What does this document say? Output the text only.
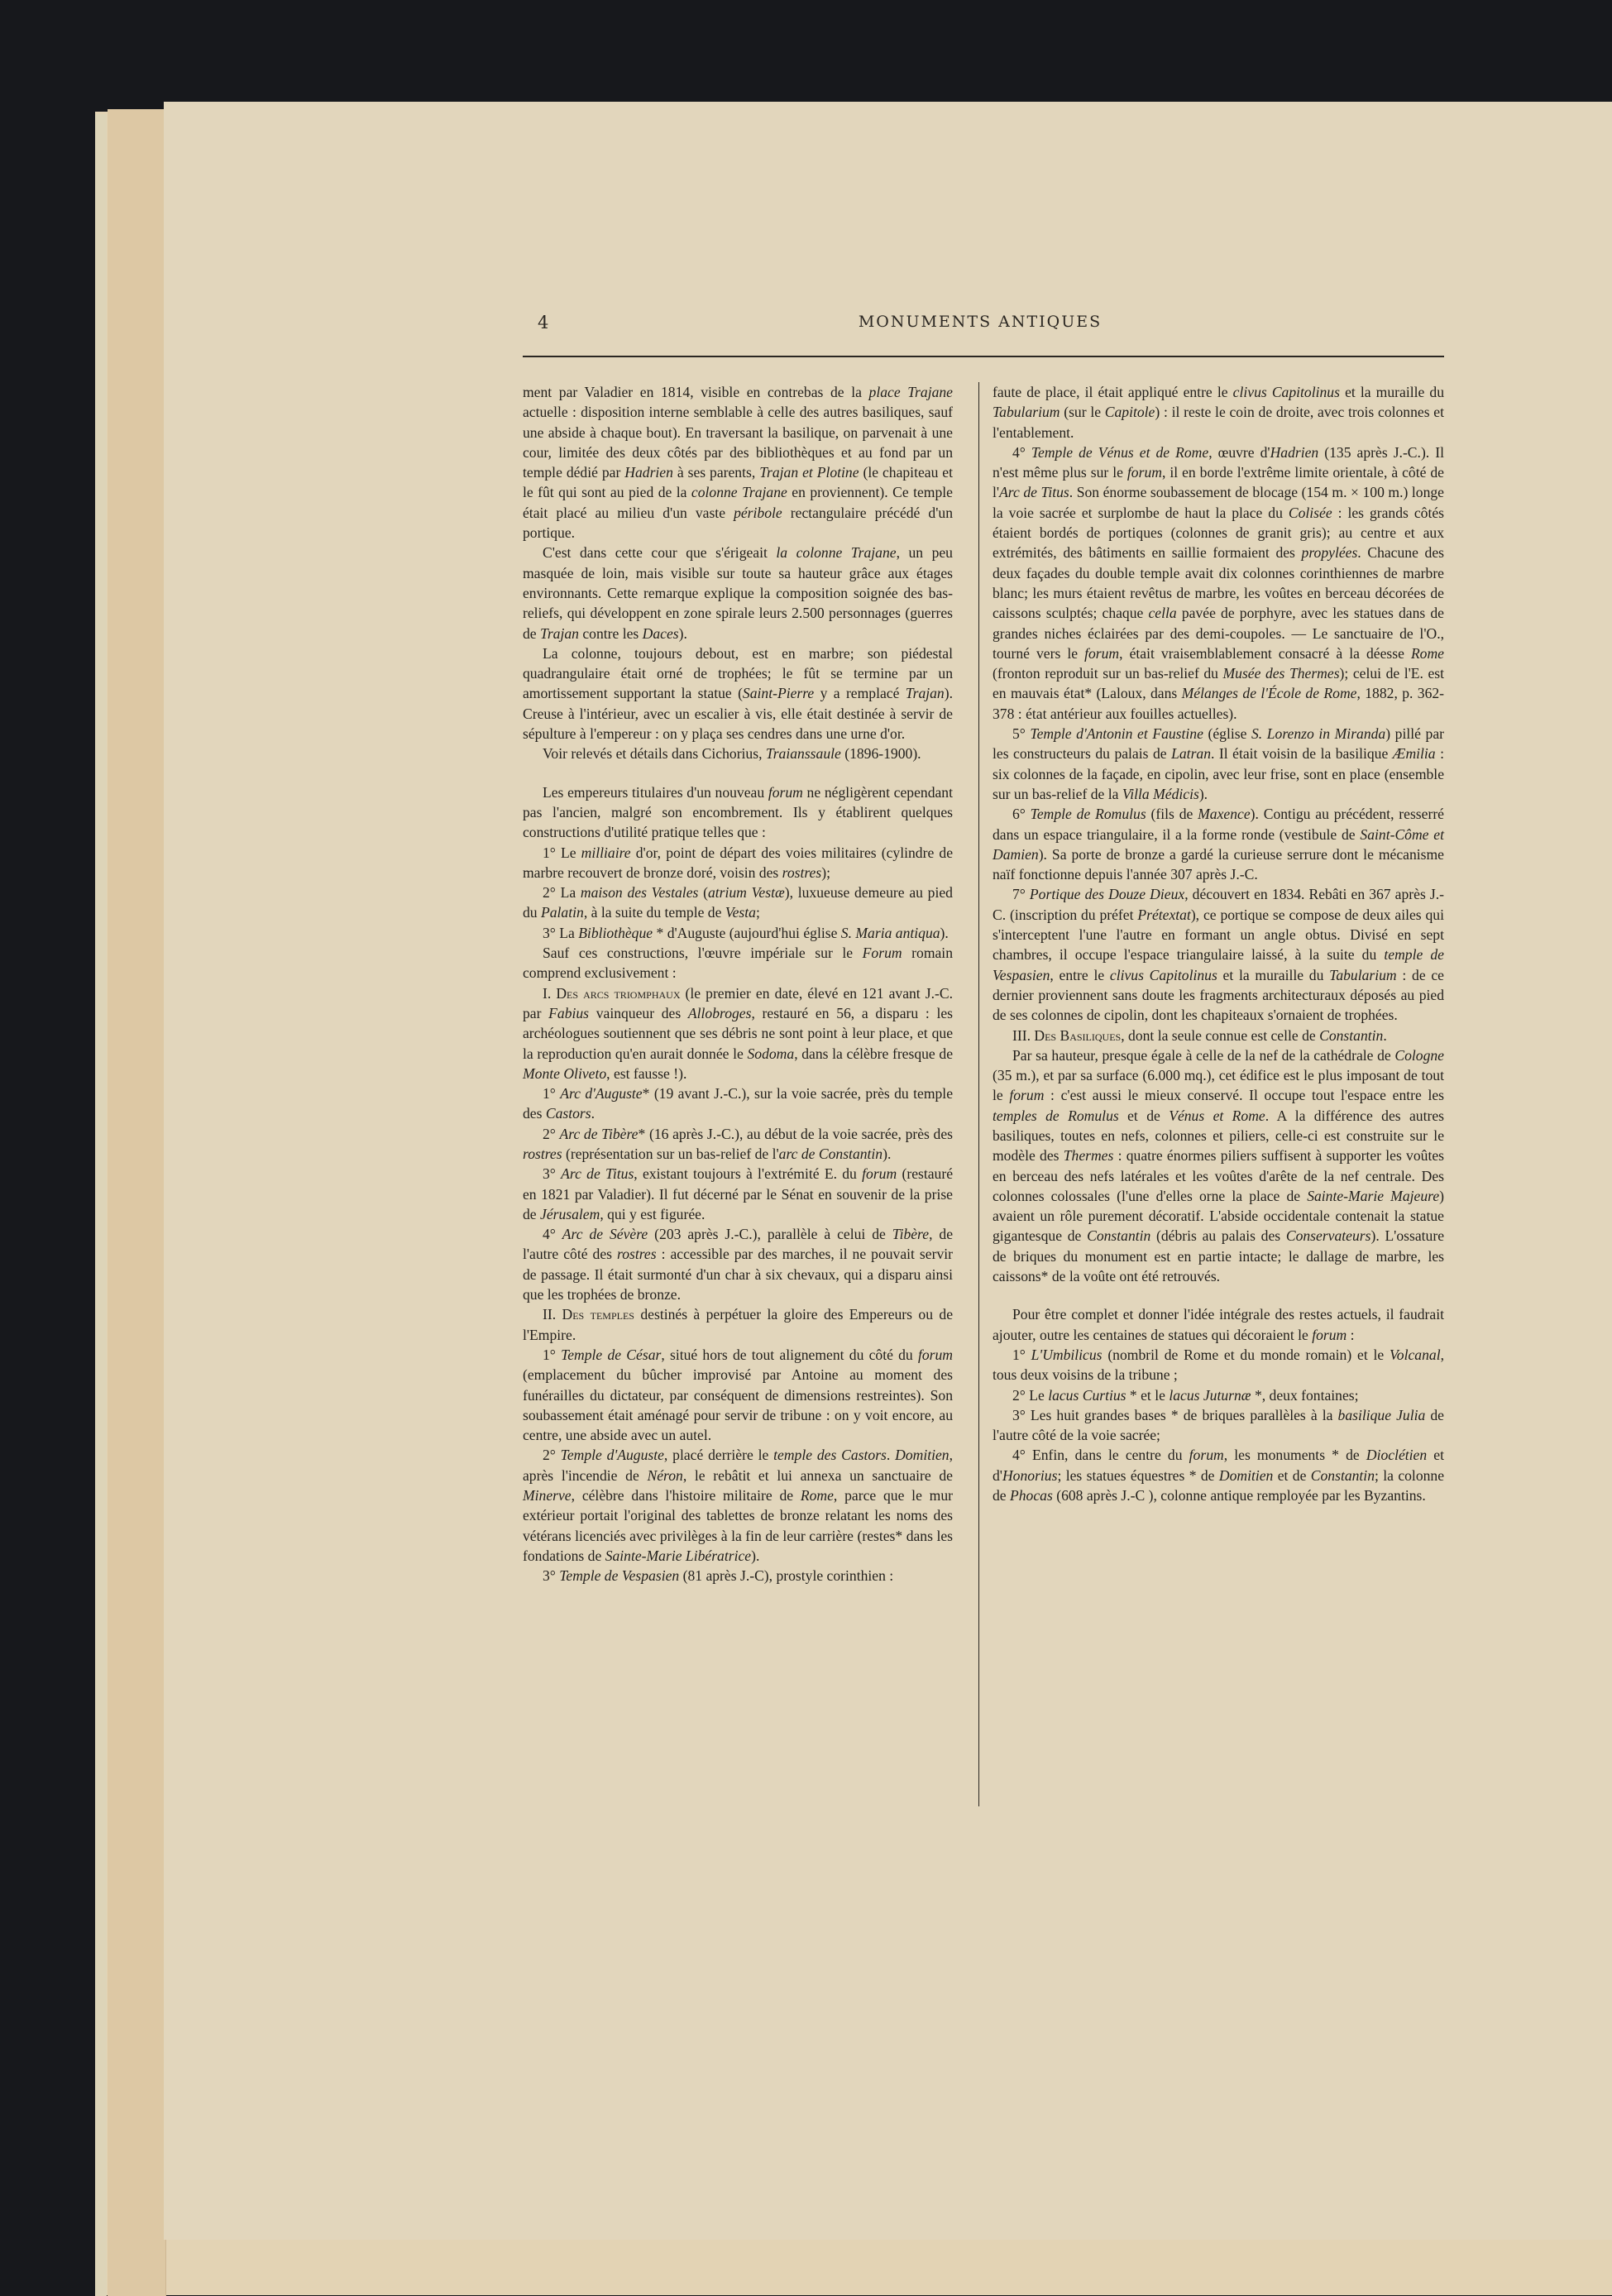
4	MONUMENTS ANTIQUES

ment par Valadier en 1814, visible en contrebas de la place Trajane actuelle : disposition interne semblable à celle des autres basiliques, sauf une abside à chaque bout). En traversant la basilique, on parvenait à une cour, limitée des deux côtés par des bibliothèques et au fond par un temple dédié par Hadrien à ses parents, Trajan et Plotine (le chapiteau et le fût qui sont au pied de la colonne Trajane en proviennent). Ce temple était placé au milieu d'un vaste péribole rectangulaire précédé d'un portique.

C'est dans cette cour que s'érigeait la colonne Trajane, un peu masquée de loin, mais visible sur toute sa hauteur grâce aux étages environnants. Cette remarque explique la composition soignée des bas-reliefs, qui développent en zone spirale leurs 2.500 personnages (guerres de Trajan contre les Daces).

La colonne, toujours debout, est en marbre; son piédestal quadrangulaire était orné de trophées; le fût se termine par un amortissement supportant la statue (Saint-Pierre y a remplacé Trajan). Creuse à l'intérieur, avec un escalier à vis, elle était destinée à servir de sépulture à l'empereur : on y plaça ses cendres dans une urne d'or.

Voir relevés et détails dans Cichorius, Traianssaule (1896-1900).

Les empereurs titulaires d'un nouveau forum ne négligèrent cependant pas l'ancien, malgré son encombrement. Ils y établirent quelques constructions d'utilité pratique telles que :

1° Le milliaire d'or, point de départ des voies militaires (cylindre de marbre recouvert de bronze doré, voisin des rostres);

2° La maison des Vestales (atrium Vestæ), luxueuse demeure au pied du Palatin, à la suite du temple de Vesta;

3° La Bibliothèque * d'Auguste (aujourd'hui église S. Maria antiqua).

Sauf ces constructions, l'œuvre impériale sur le Forum romain comprend exclusivement :

I. Des arcs triomphaux (le premier en date, élevé en 121 avant J.-C. par Fabius vainqueur des Allobroges, restauré en 56, a disparu : les archéologues soutiennent que ses débris ne sont point à leur place, et que la reproduction qu'en aurait donnée le Sodoma, dans la célèbre fresque de Monte Oliveto, est fausse !).

1° Arc d'Auguste* (19 avant J.-C.), sur la voie sacrée, près du temple des Castors.

2° Arc de Tibère* (16 après J.-C.), au début de la voie sacrée, près des rostres (représentation sur un bas-relief de l'arc de Constantin).

3° Arc de Titus, existant toujours à l'extrémité E. du forum (restauré en 1821 par Valadier). Il fut décerné par le Sénat en souvenir de la prise de Jérusalem, qui y est figurée.

4° Arc de Sévère (203 après J.-C.), parallèle à celui de Tibère, de l'autre côté des rostres : accessible par des marches, il ne pouvait servir de passage. Il était surmonté d'un char à six chevaux, qui a disparu ainsi que les trophées de bronze.

II. Des temples destinés à perpétuer la gloire des Empereurs ou de l'Empire.

1° Temple de César, situé hors de tout alignement du côté du forum (emplacement du bûcher improvisé par Antoine au moment des funérailles du dictateur, par conséquent de dimensions restreintes). Son soubassement était aménagé pour servir de tribune : on y voit encore, au centre, une abside avec un autel.

2° Temple d'Auguste, placé derrière le temple des Castors. Domitien, après l'incendie de Néron, le rebâtit et lui annexa un sanctuaire de Minerve, célèbre dans l'histoire militaire de Rome, parce que le mur extérieur portait l'original des tablettes de bronze relatant les noms des vétérans licenciés avec privilèges à la fin de leur carrière (restes* dans les fondations de Sainte-Marie Libératrice).

3° Temple de Vespasien (81 après J.-C), prostyle corinthien :

faute de place, il était appliqué entre le clivus Capitolinus et la muraille du Tabularium (sur le Capitole) : il reste le coin de droite, avec trois colonnes et l'entablement.

4° Temple de Vénus et de Rome, œuvre d'Hadrien (135 après J.-C.). Il n'est même plus sur le forum, il en borde l'extrême limite orientale, à côté de l'Arc de Titus. Son énorme soubassement de blocage (154 m. × 100 m.) longe la voie sacrée et surplombe de haut la place du Colisée : les grands côtés étaient bordés de portiques (colonnes de granit gris); au centre et aux extrémités, des bâtiments en saillie formaient des propylées. Chacune des deux façades du double temple avait dix colonnes corinthiennes de marbre blanc; les murs étaient revêtus de marbre, les voûtes en berceau décorées de caissons sculptés; chaque cella pavée de porphyre, avec les statues dans de grandes niches éclairées par des demi-coupoles. — Le sanctuaire de l'O., tourné vers le forum, était vraisemblablement consacré à la déesse Rome (fronton reproduit sur un bas-relief du Musée des Thermes); celui de l'E. est en mauvais état* (Laloux, dans Mélanges de l'École de Rome, 1882, p. 362-378 : état antérieur aux fouilles actuelles).

5° Temple d'Antonin et Faustine (église S. Lorenzo in Miranda) pillé par les constructeurs du palais de Latran. Il était voisin de la basilique Æmilia : six colonnes de la façade, en cipolin, avec leur frise, sont en place (ensemble sur un bas-relief de la Villa Médicis).

6° Temple de Romulus (fils de Maxence). Contigu au précédent, resserré dans un espace triangulaire, il a la forme ronde (vestibule de Saint-Côme et Damien). Sa porte de bronze a gardé la curieuse serrure dont le mécanisme naïf fonctionne depuis l'année 307 après J.-C.

7° Portique des Douze Dieux, découvert en 1834. Rebâti en 367 après J.-C. (inscription du préfet Prétextat), ce portique se compose de deux ailes qui s'interceptent l'une l'autre en formant un angle obtus. Divisé en sept chambres, il occupe l'espace triangulaire laissé, à la suite du temple de Vespasien, entre le clivus Capitolinus et la muraille du Tabularium : de ce dernier proviennent sans doute les fragments architecturaux déposés au pied de ses colonnes de cipolin, dont les chapiteaux s'ornaient de trophées.

III. Des Basiliques, dont la seule connue est celle de Constantin.

Par sa hauteur, presque égale à celle de la nef de la cathédrale de Cologne (35 m.), et par sa surface (6.000 mq.), cet édifice est le plus imposant de tout le forum : c'est aussi le mieux conservé. Il occupe tout l'espace entre les temples de Romulus et de Vénus et Rome. A la différence des autres basiliques, toutes en nefs, colonnes et piliers, celle-ci est construite sur le modèle des Thermes : quatre énormes piliers suffisent à supporter les voûtes en berceau des nefs latérales et les voûtes d'arête de la nef centrale. Des colonnes colossales (l'une d'elles orne la place de Sainte-Marie Majeure) avaient un rôle purement décoratif. L'abside occidentale contenait la statue gigantesque de Constantin (débris au palais des Conservateurs). L'ossature de briques du monument est en partie intacte; le dallage de marbre, les caissons* de la voûte ont été retrouvés.

Pour être complet et donner l'idée intégrale des restes actuels, il faudrait ajouter, outre les centaines de statues qui décoraient le forum :

1° L'Umbilicus (nombril de Rome et du monde romain) et le Volcanal, tous deux voisins de la tribune ;

2° Le lacus Curtius * et le lacus Juturnæ *, deux fontaines;

3° Les huit grandes bases * de briques parallèles à la basilique Julia de l'autre côté de la voie sacrée;

4° Enfin, dans le centre du forum, les monuments * de Dioclétien et d'Honorius; les statues équestres * de Domitien et de Constantin; la colonne de Phocas (608 après J.-C ), colonne antique remployée par les Byzantins.
